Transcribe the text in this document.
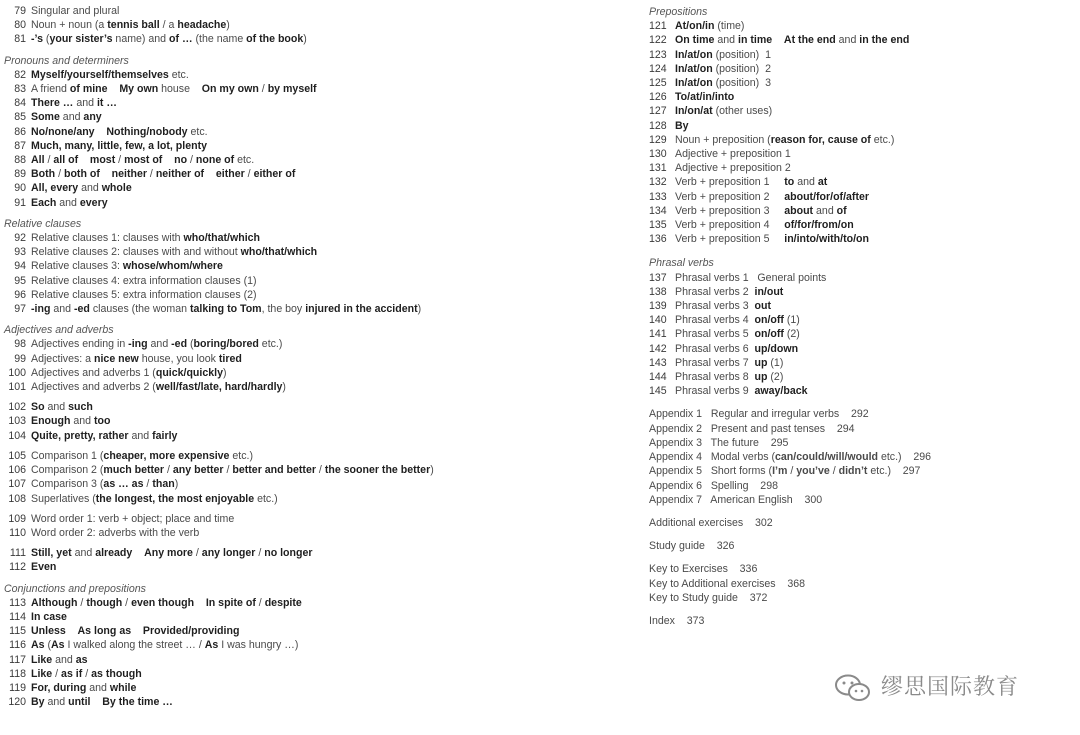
79 Singular and plural
80 Noun + noun (a tennis ball / a headache)
81 -’s (your sister’s name) and of … (the name of the book)
Pronouns and determiners
82 Myself/yourself/themselves etc.
83 A friend of mine My own house    On my own / by myself
84 There … and it …
85 Some and any
86 No/none/any Nothing/nobody etc.
87 Much, many, little, few, a lot, plenty
88 All / all of most / most of no / none of etc.
89 Both / both of neither / neither of either / either of
90 All, every and whole
91 Each and every
Relative clauses
92 Relative clauses 1: clauses with who/that/which
93 Relative clauses 2: clauses with and without who/that/which
94 Relative clauses 3: whose/whom/where
95 Relative clauses 4: extra information clauses (1)
96 Relative clauses 5: extra information clauses (2)
97 -ing and -ed clauses (the woman talking to Tom, the boy injured in the accident)
Adjectives and adverbs
98 Adjectives ending in -ing and -ed (boring/bored etc.)
99 Adjectives: a nice new house, you look tired
100 Adjectives and adverbs 1 (quick/quickly)
101 Adjectives and adverbs 2 (well/fast/late, hard/hardly)
102 So and such
103 Enough and too
104 Quite, pretty, rather and fairly
105 Comparison 1 (cheaper, more expensive etc.)
106 Comparison 2 (much better / any better / better and better / the sooner the better)
107 Comparison 3 (as … as / than)
108 Superlatives (the longest, the most enjoyable etc.)
109 Word order 1: verb + object; place and time
110 Word order 2: adverbs with the verb
111 Still, yet and already Any more / any longer / no longer
112 Even
Conjunctions and prepositions
113 Although / though / even though In spite of / despite
114 In case
115 Unless As long as Provided/providing
116 As (As I walked along the street … / As I was hungry …)
117 Like and as
118 Like / as if / as though
119 For, during and while
120 By and until By the time …
Prepositions
121 At/on/in (time)
122 On time and in time At the end and in the end
123 In/at/on (position)  1
124 In/at/on (position)  2
125 In/at/on (position)  3
126 To/at/in/into
127 In/on/at (other uses)
128 By
129 Noun + preposition (reason for, cause of etc.)
130 Adjective + preposition 1
131 Adjective + preposition 2
132 Verb + preposition 1     to and at
133 Verb + preposition 2     about/for/of/after
134 Verb + preposition 3     about and of
135 Verb + preposition 4     of/for/from/on
136 Verb + preposition 5     in/into/with/to/on
Phrasal verbs
137 Phrasal verbs 1   General points
138 Phrasal verbs 2  in/out
139 Phrasal verbs 3  out
140 Phrasal verbs 4  on/off (1)
141 Phrasal verbs 5  on/off (2)
142 Phrasal verbs 6  up/down
143 Phrasal verbs 7  up (1)
144 Phrasal verbs 8  up (2)
145 Phrasal verbs 9  away/back
Appendix 1   Regular and irregular verbs    292
Appendix 2   Present and past tenses    294
Appendix 3   The future    295
Appendix 4   Modal verbs (can/could/will/would etc.)    296
Appendix 5   Short forms (I’m / you’ve / didn’t etc.)    297
Appendix 6   Spelling    298
Appendix 7   American English    300
Additional exercises    302
Study guide    326
Key to Exercises    336
Key to Additional exercises    368
Key to Study guide    372
Index    373
缪思国际教育
